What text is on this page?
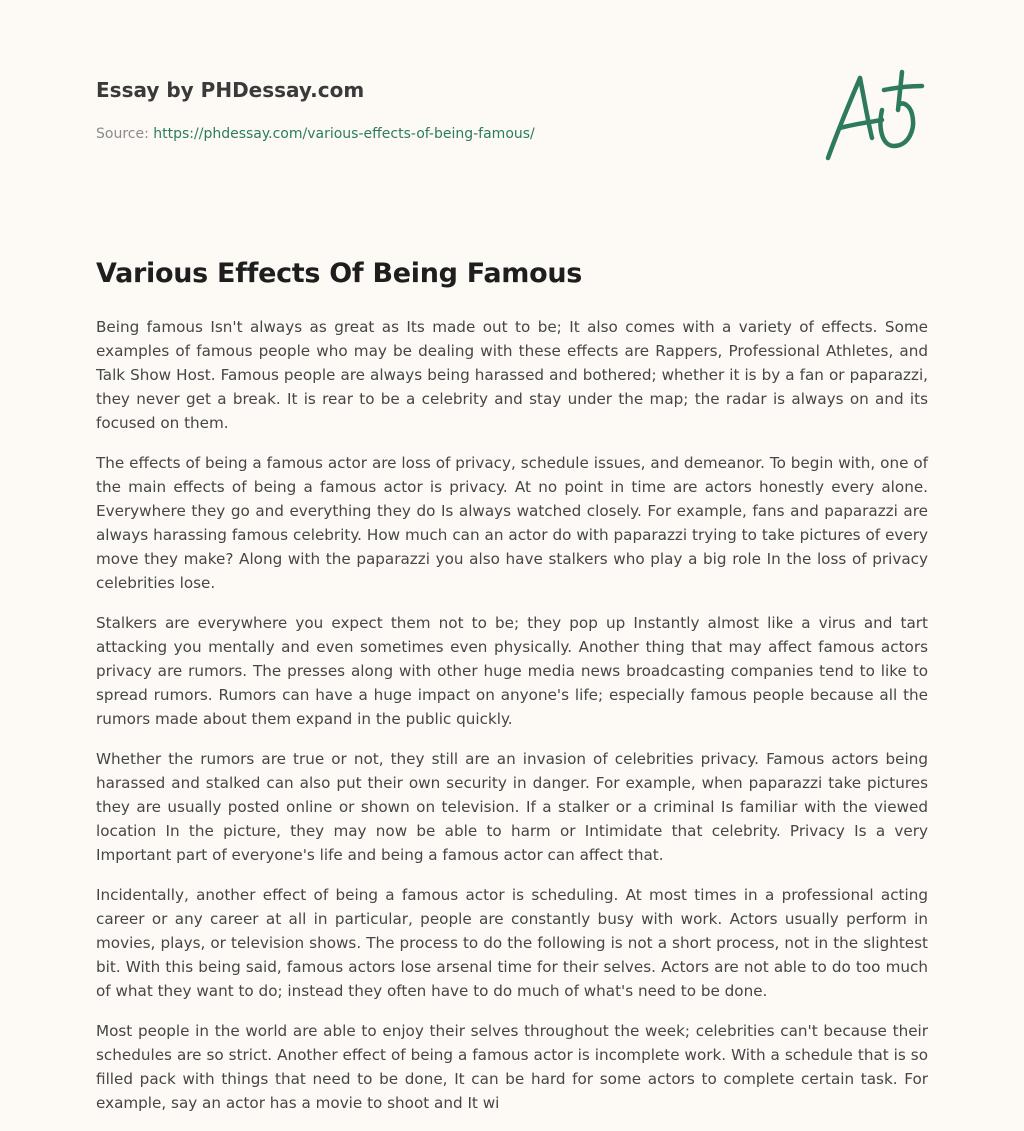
Essay by PHDessay.com
Source: https://phdessay.com/various-effects-of-being-famous/
Various Effects Of Being Famous

Being famous Isn't always as great as Its made out to be; It also comes with a variety of effects. Some examples of famous people who may be dealing with these effects are Rappers, Professional Athletes, and Talk Show Host. Famous people are always being harassed and bothered; whether it is by a fan or paparazzi, they never get a break. It is rear to be a celebrity and stay under the map; the radar is always on and its focused on them.

The effects of being a famous actor are loss of privacy, schedule issues, and demeanor. To begin with, one of the main effects of being a famous actor is privacy. At no point in time are actors honestly every alone. Everywhere they go and everything they do Is always watched closely. For example, fans and paparazzi are always harassing famous celebrity. How much can an actor do with paparazzi trying to take pictures of every move they make? Along with the paparazzi you also have stalkers who play a big role In the loss of privacy celebrities lose.

Stalkers are everywhere you expect them not to be; they pop up Instantly almost like a virus and tart attacking you mentally and even sometimes even physically. Another thing that may affect famous actors privacy are rumors. The presses along with other huge media news broadcasting companies tend to like to spread rumors. Rumors can have a huge impact on anyone's life; especially famous people because all the rumors made about them expand in the public quickly.

Whether the rumors are true or not, they still are an invasion of celebrities privacy. Famous actors being harassed and stalked can also put their own security in danger. For example, when paparazzi take pictures they are usually posted online or shown on television. If a stalker or a criminal Is familiar with the viewed location In the picture, they may now be able to harm or Intimidate that celebrity. Privacy Is a very Important part of everyone's life and being a famous actor can affect that.

Incidentally, another effect of being a famous actor is scheduling. At most times in a professional acting career or any career at all in particular, people are constantly busy with work. Actors usually perform in movies, plays, or television shows. The process to do the following is not a short process, not in the slightest bit. With this being said, famous actors lose arsenal time for their selves. Actors are not able to do too much of what they want to do; instead they often have to do much of what's need to be done.

Most people in the world are able to enjoy their selves throughout the week; celebrities can't because their schedules are so strict. Another effect of being a famous actor is incomplete work. With a schedule that is so filled pack with things that need to be done, It can be hard for some actors to complete certain task. For example, say an actor has a movie to shoot and It wi
